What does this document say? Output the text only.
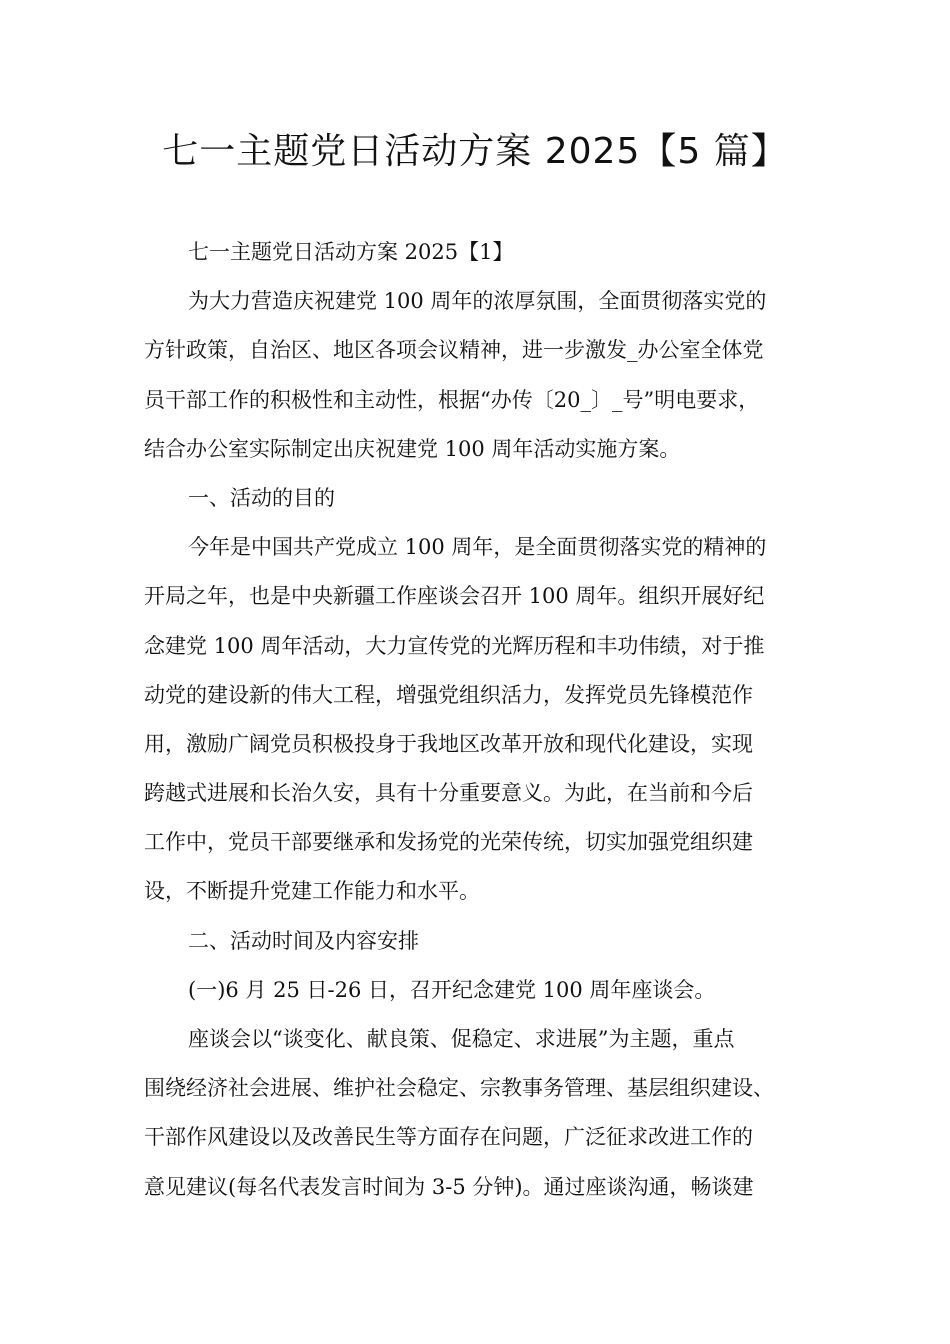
七一主题党日活动方案 2025【5 篇】
七一主题党日活动方案 2025【1】
为大力营造庆祝建党 100 周年的浓厚氛围，全面贯彻落实党的
方针政策，自治区、地区各项会议精神，进一步激发_办公室全体党
员干部工作的积极性和主动性，根据“办传〔20_〕_号”明电要求，
结合办公室实际制定出庆祝建党 100 周年活动实施方案。
一、活动的目的
今年是中国共产党成立 100 周年，是全面贯彻落实党的精神的
开局之年，也是中央新疆工作座谈会召开 100 周年。组织开展好纪
念建党 100 周年活动，大力宣传党的光辉历程和丰功伟绩，对于推
动党的建设新的伟大工程，增强党组织活力，发挥党员先锋模范作
用，激励广阔党员积极投身于我地区改革开放和现代化建设，实现
跨越式进展和长治久安，具有十分重要意义。为此，在当前和今后
工作中，党员干部要继承和发扬党的光荣传统，切实加强党组织建
设，不断提升党建工作能力和水平。
二、活动时间及内容安排
(一)6 月 25 日-26 日，召开纪念建党 100 周年座谈会。
座谈会以“谈变化、献良策、促稳定、求进展”为主题，重点
围绕经济社会进展、维护社会稳定、宗教事务管理、基层组织建设、
干部作风建设以及改善民生等方面存在问题，广泛征求改进工作的
意见建议(每名代表发言时间为 3-5 分钟)。通过座谈沟通，畅谈建
